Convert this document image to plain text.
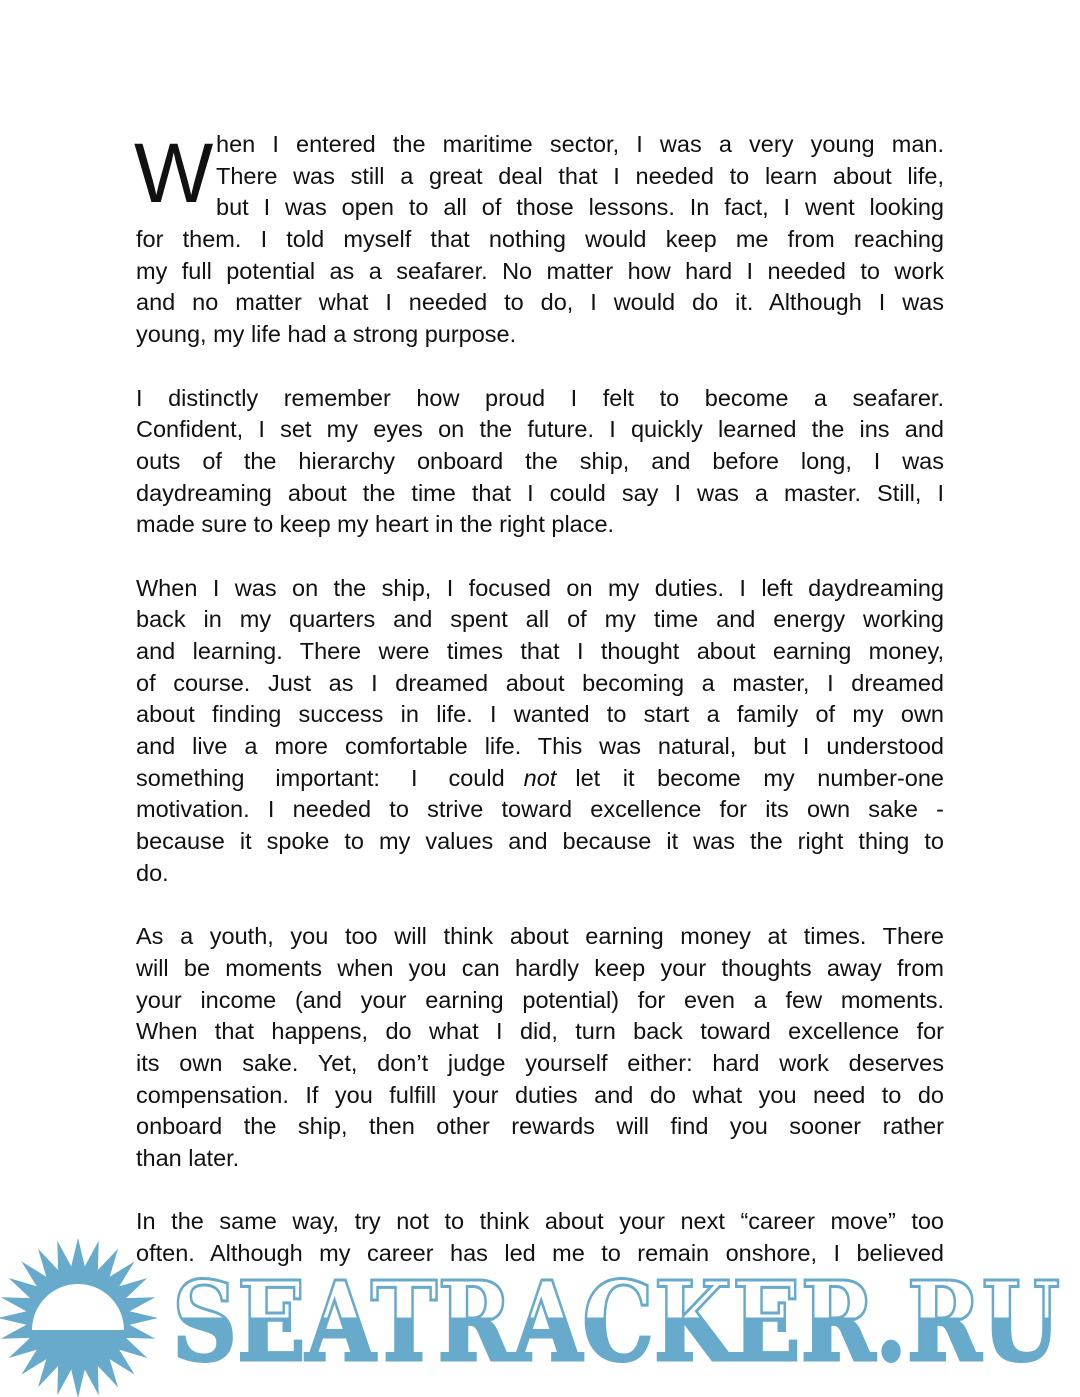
W hen I entered the maritime sector, I was a very young man.
There was still a great deal that I needed to learn about life,
but I was open to all of those lessons. In fact, I went looking
for them. I told myself that nothing would keep me from reaching
my full potential as a seafarer. No matter how hard I needed to work
and no matter what I needed to do, I would do it. Although I was
young, my life had a strong purpose.
I distinctly remember how proud I felt to become a seafarer.
Confident, I set my eyes on the future. I quickly learned the ins and
outs of the hierarchy onboard the ship, and before long, I was
daydreaming about the time that I could say I was a master. Still, I
made sure to keep my heart in the right place.
When I was on the ship, I focused on my duties. I left daydreaming
back in my quarters and spent all of my time and energy working
and learning. There were times that I thought about earning money,
of course. Just as I dreamed about becoming a master, I dreamed
about finding success in life. I wanted to start a family of my own
and live a more comfortable life. This was natural, but I understood
something important: I could not let it become my number-one
motivation. I needed to strive toward excellence for its own sake -
because it spoke to my values and because it was the right thing to
do.
As a youth, you too will think about earning money at times. There
will be moments when you can hardly keep your thoughts away from
your income (and your earning potential) for even a few moments.
When that happens, do what I did, turn back toward excellence for
its own sake. Yet, don’t judge yourself either: hard work deserves
compensation. If you fulfill your duties and do what you need to do
onboard the ship, then other rewards will find you sooner rather
than later.
In the same way, try not to think about your next “career move” too
often. Although my career has led me to remain onshore, I believed
SEATRACKER.RU
